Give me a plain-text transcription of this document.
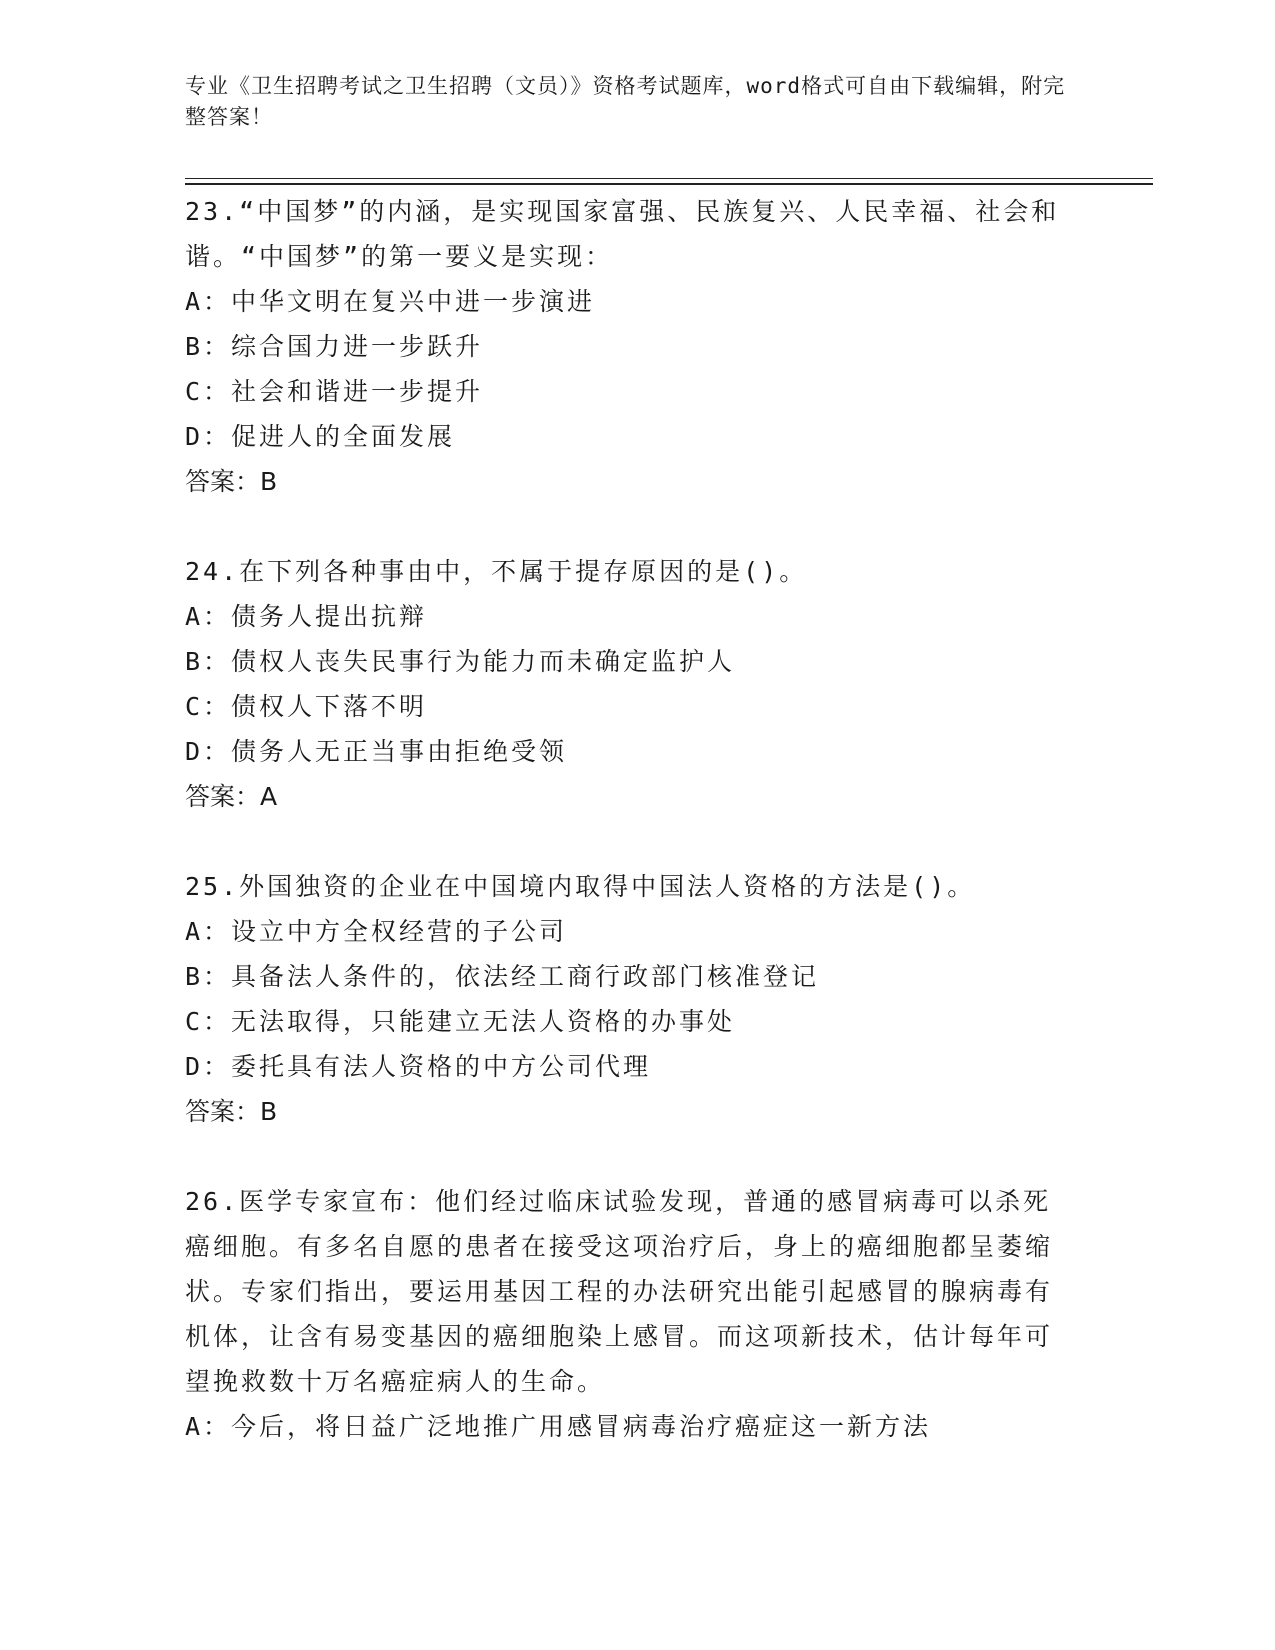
专业《卫生招聘考试之卫生招聘（文员）》资格考试题库，word格式可自由下载编辑，附完整答案！

23.“中国梦”的内涵，是实现国家富强、民族复兴、人民幸福、社会和谐。“中国梦”的第一要义是实现：

A：中华文明在复兴中进一步演进

B：综合国力进一步跃升

C：社会和谐进一步提升

D：促进人的全面发展

答案：B

24.在下列各种事由中，不属于提存原因的是()。

A：债务人提出抗辩

B：债权人丧失民事行为能力而未确定监护人

C：债权人下落不明

D：债务人无正当事由拒绝受领

答案：A

25.外国独资的企业在中国境内取得中国法人资格的方法是()。

A：设立中方全权经营的子公司

B：具备法人条件的，依法经工商行政部门核准登记

C：无法取得，只能建立无法人资格的办事处

D：委托具有法人资格的中方公司代理

答案：B

26.医学专家宣布：他们经过临床试验发现，普通的感冒病毒可以杀死癌细胞。有多名自愿的患者在接受这项治疗后，身上的癌细胞都呈萎缩状。专家们指出，要运用基因工程的办法研究出能引起感冒的腺病毒有机体，让含有易变基因的癌细胞染上感冒。而这项新技术，估计每年可望挽救数十万名癌症病人的生命。

A：今后，将日益广泛地推广用感冒病毒治疗癌症这一新方法
